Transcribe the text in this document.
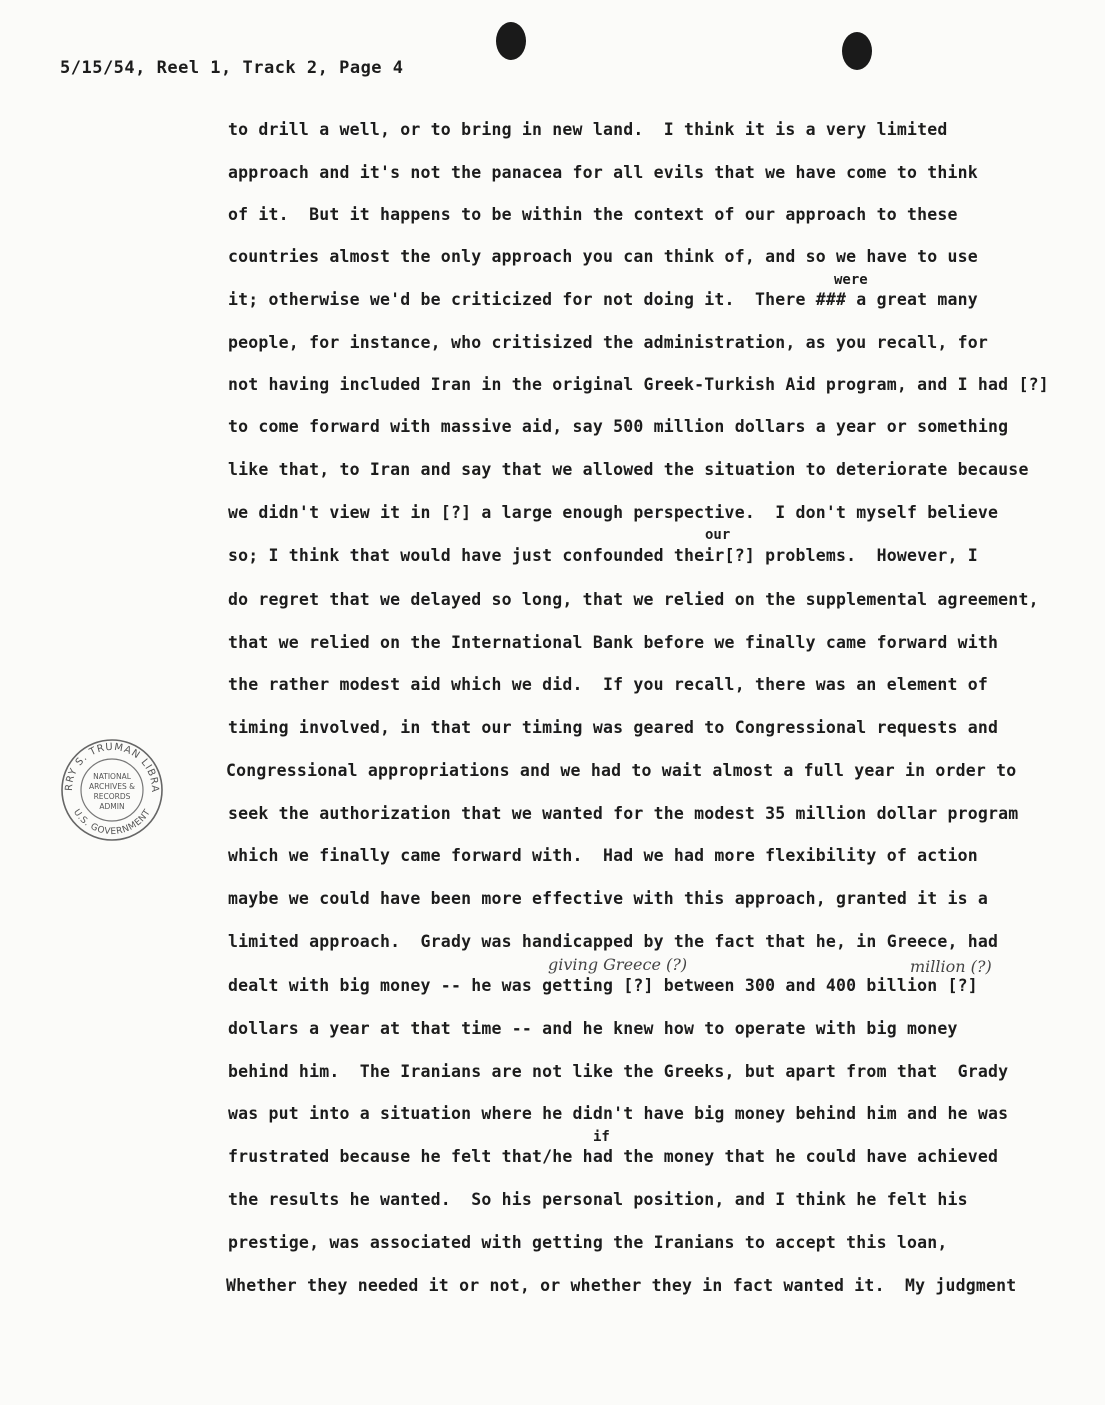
5/15/54, Reel 1, Track 2, Page 4
to drill a well, or to bring in new land.  I think it is a very limited
approach and it's not the panacea for all evils that we have come to think
of it.  But it happens to be within the context of our approach to these
countries almost the only approach you can think of, and so we have to use
it; otherwise we'd be criticized for not doing it.  There ### a great many
people, for instance, who critisized the administration, as you recall, for
not having included Iran in the original Greek-Turkish Aid program, and I had [?]
to come forward with massive aid, say 500 million dollars a year or something
like that, to Iran and say that we allowed the situation to deteriorate because
we didn't view it in [?] a large enough perspective.  I don't myself believe
so; I think that would have just confounded their[?] problems.  However, I
do regret that we delayed so long, that we relied on the supplemental agreement,
that we relied on the International Bank before we finally came forward with
the rather modest aid which we did.  If you recall, there was an element of
timing involved, in that our timing was geared to Congressional requests and
Congressional appropriations and we had to wait almost a full year in order to
seek the authorization that we wanted for the modest 35 million dollar program
which we finally came forward with.  Had we had more flexibility of action
maybe we could have been more effective with this approach, granted it is a
limited approach.  Grady was handicapped by the fact that he, in Greece, had
dealt with big money -- he was getting [?] between 300 and 400 billion [?]
dollars a year at that time -- and he knew how to operate with big money
behind him.  The Iranians are not like the Greeks, but apart from that  Grady
was put into a situation where he didn't have big money behind him and he was
frustrated because he felt that/he had the money that he could have achieved
the results he wanted.  So his personal position, and I think he felt his
prestige, was associated with getting the Iranians to accept this loan,
Whether they needed it or not, or whether they in fact wanted it.  My judgment
were
our
if
giving Greece (?)	million (?)
RRY S. TRUMAN LIBRA
U.S. GOVERNMENT
NATIONAL
ARCHIVES &
RECORDS
ADMIN
